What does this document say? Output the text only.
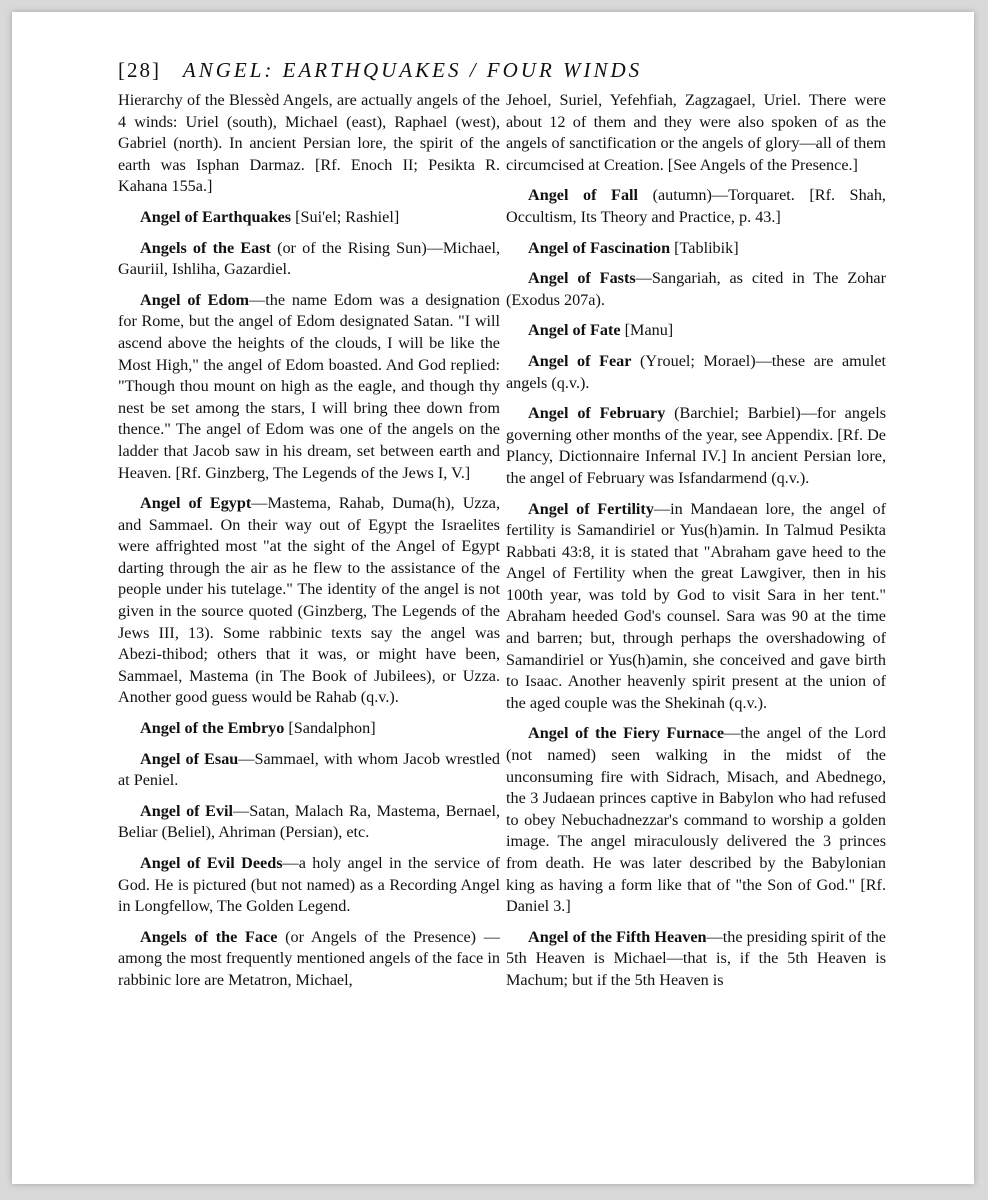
[28] ANGEL: EARTHQUAKES / FOUR WINDS

Hierarchy of the Blessèd Angels, are actually angels of the 4 winds: Uriel (south), Michael (east), Raphael (west), Gabriel (north). In ancient Persian lore, the spirit of the earth was Isphan Darmaz. [Rf. Enoch II; Pesikta R. Kahana 155a.]

Angel of Earthquakes [Sui'el; Rashiel]

Angels of the East (or of the Rising Sun)—Michael, Gauriil, Ishliha, Gazardiel.

Angel of Edom—the name Edom was a designation for Rome, but the angel of Edom designated Satan. "I will ascend above the heights of the clouds, I will be like the Most High," the angel of Edom boasted. And God replied: "Though thou mount on high as the eagle, and though thy nest be set among the stars, I will bring thee down from thence." The angel of Edom was one of the angels on the ladder that Jacob saw in his dream, set between earth and Heaven. [Rf. Ginzberg, The Legends of the Jews I, V.]

Angel of Egypt—Mastema, Rahab, Duma(h), Uzza, and Sammael. On their way out of Egypt the Israelites were affrighted most "at the sight of the Angel of Egypt darting through the air as he flew to the assistance of the people under his tutelage." The identity of the angel is not given in the source quoted (Ginzberg, The Legends of the Jews III, 13). Some rabbinic texts say the angel was Abezi-thibod; others that it was, or might have been, Sammael, Mastema (in The Book of Jubilees), or Uzza. Another good guess would be Rahab (q.v.).

Angel of the Embryo [Sandalphon]

Angel of Esau—Sammael, with whom Jacob wrestled at Peniel.

Angel of Evil—Satan, Malach Ra, Mastema, Bernael, Beliar (Beliel), Ahriman (Persian), etc.

Angel of Evil Deeds—a holy angel in the service of God. He is pictured (but not named) as a Recording Angel in Longfellow, The Golden Legend.

Angels of the Face (or Angels of the Presence) —among the most frequently mentioned angels of the face in rabbinic lore are Metatron, Michael,

Jehoel, Suriel, Yefehfiah, Zagzagael, Uriel. There were about 12 of them and they were also spoken of as the angels of sanctification or the angels of glory—all of them circumcised at Creation. [See Angels of the Presence.]

Angel of Fall (autumn)—Torquaret. [Rf. Shah, Occultism, Its Theory and Practice, p. 43.]

Angel of Fascination [Tablibik]

Angel of Fasts—Sangariah, as cited in The Zohar (Exodus 207a).

Angel of Fate [Manu]

Angel of Fear (Yrouel; Morael)—these are amulet angels (q.v.).

Angel of February (Barchiel; Barbiel)—for angels governing other months of the year, see Appendix. [Rf. De Plancy, Dictionnaire Infernal IV.] In ancient Persian lore, the angel of February was Isfandarmend (q.v.).

Angel of Fertility—in Mandaean lore, the angel of fertility is Samandiriel or Yus(h)amin. In Talmud Pesikta Rabbati 43:8, it is stated that "Abraham gave heed to the Angel of Fertility when the great Lawgiver, then in his 100th year, was told by God to visit Sara in her tent." Abraham heeded God's counsel. Sara was 90 at the time and barren; but, through perhaps the overshadowing of Samandiriel or Yus(h)amin, she conceived and gave birth to Isaac. Another heavenly spirit present at the union of the aged couple was the Shekinah (q.v.).

Angel of the Fiery Furnace—the angel of the Lord (not named) seen walking in the midst of the unconsuming fire with Sidrach, Misach, and Abednego, the 3 Judaean princes captive in Babylon who had refused to obey Nebuchadnezzar's command to worship a golden image. The angel miraculously delivered the 3 princes from death. He was later described by the Babylonian king as having a form like that of "the Son of God." [Rf. Daniel 3.]

Angel of the Fifth Heaven—the presiding spirit of the 5th Heaven is Michael—that is, if the 5th Heaven is Machum; but if the 5th Heaven is
